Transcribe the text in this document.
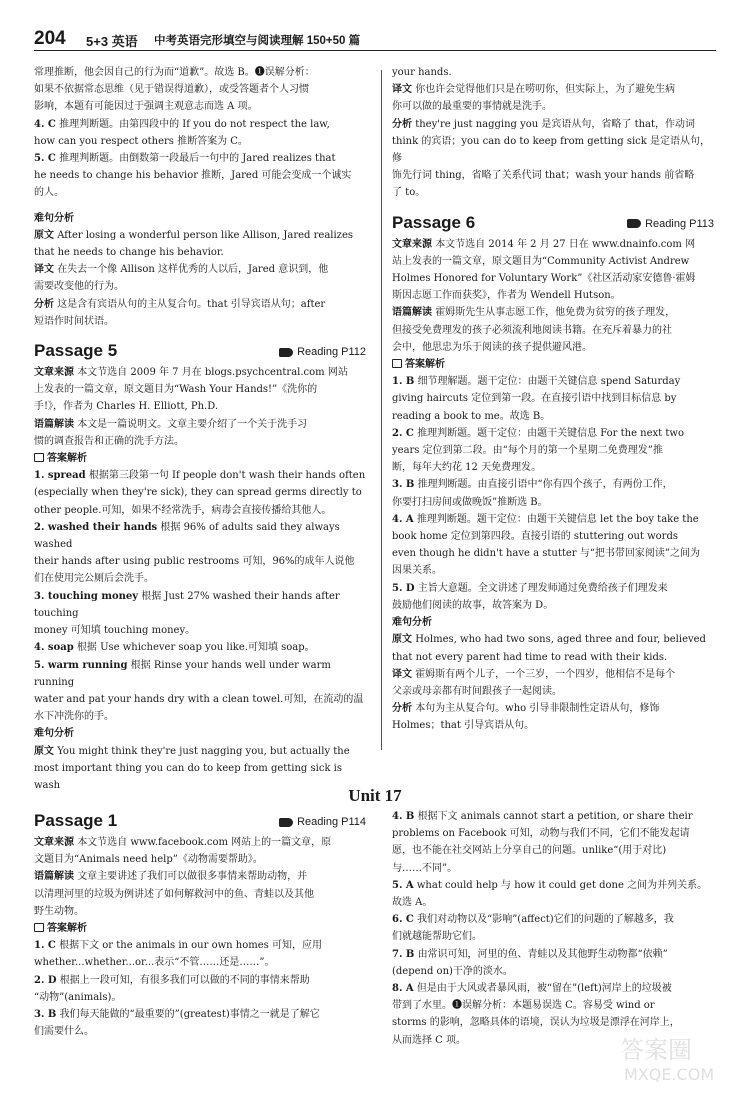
204 5+3 英语 中考英语完形填空与阅读理解 150+50 篇

常理推断，他会因自己的行为而“道歉”。故选 B。❶误解分析：

如果不依据常态思维（见于错误得道歉），或受答题者个人习惯

影响，本题有可能因过于强调主观意志而选 A 项。

4. C 推理判断题。由第四段中的 If you do not respect the law,

how can you respect others 推断答案为 C。

5. C 推理判断题。由倒数第一段最后一句中的 Jared realizes that

he needs to change his behavior 推断，Jared 可能会变成一个诚实

的人。

难句分析

原文 After losing a wonderful person like Allison, Jared realizes

that he needs to change his behavior.

译文 在失去一个像 Allison 这样优秀的人以后，Jared 意识到，他

需要改变他的行为。

分析 这是含有宾语从句的主从复合句。that 引导宾语从句；after

短语作时间状语。

Passage 5	Reading P112

文章来源 本文节选自 2009 年 7 月在 blogs.psychcentral.com 网站

上发表的一篇文章，原文题目为“Wash Your Hands!”《洗你的

手!》，作者为 Charles H. Elliott, Ph.D.

语篇解读 本文是一篇说明文。文章主要介绍了一个关于洗手习

惯的调查报告和正确的洗手方法。

答案解析

1. spread 根据第三段第一句 If people don't wash their hands often

(especially when they're sick), they can spread germs directly to

other people.可知，如果不经常洗手，病毒会直接传播给其他人。

2. washed their hands 根据 96% of adults said they always washed

their hands after using public restrooms 可知，96%的成年人说他

们在使用完公厕后会洗手。

3. touching money 根据 Just 27% washed their hands after touching

money 可知填 touching money。

4. soap 根据 Use whichever soap you like.可知填 soap。

5. warm running 根据 Rinse your hands well under warm running

water and pat your hands dry with a clean towel.可知，在流动的温

水下冲洗你的手。

难句分析

原文 You might think they're just nagging you, but actually the

most important thing you can do to keep from getting sick is wash

your hands.

译文 你也许会觉得他们只是在唠叨你，但实际上，为了避免生病

你可以做的最重要的事情就是洗手。

分析 they're just nagging you 是宾语从句，省略了 that，作动词

think 的宾语；you can do to keep from getting sick 是定语从句，修

饰先行词 thing，省略了关系代词 that；wash your hands 前省略

了 to。

Passage 6	Reading P113

文章来源 本文节选自 2014 年 2 月 27 日在 www.dnainfo.com 网

站上发表的一篇文章，原文题目为“Community Activist Andrew

Holmes Honored for Voluntary Work”《社区活动家安德鲁·霍姆

斯因志愿工作而获奖》，作者为 Wendell Hutson。

语篇解读 霍姆斯先生从事志愿工作，他免费为贫穷的孩子理发，

但接受免费理发的孩子必须流利地阅读书籍。在充斥着暴力的社

会中，他思忠为乐于阅读的孩子提供避风港。

答案解析

1. B 细节理解题。题干定位：由题干关键信息 spend Saturday

giving haircuts 定位到第一段。在直接引语中找到目标信息 by

reading a book to me。故选 B。

2. C 推理判断题。题干定位：由题干关键信息 For the next two

years 定位到第二段。由“每个月的第一个星期二免费理发”推

断，每年大约花 12 天免费理发。

3. B 推理判断题。由直接引语中“你有四个孩子，有两份工作，

你要打扫房间或做晚饭”推断选 B。

4. A 推理判断题。题干定位：由题干关键信息 let the boy take the

book home 定位到第四段。直接引语的 stuttering out words

even though he didn't have a stutter 与“把书带回家阅读”之间为

因果关系。

5. D 主旨大意题。全文讲述了理发师通过免费给孩子们理发来

鼓励他们阅读的故事，故答案为 D。

难句分析

原文 Holmes, who had two sons, aged three and four, believed

that not every parent had time to read with their kids.

译文 霍姆斯有两个儿子，一个三岁，一个四岁，他相信不是每个

父亲或母亲都有时间跟孩子一起阅读。

分析 本句为主从复合句。who 引导非限制性定语从句，修饰

Holmes；that 引导宾语从句。

Unit 17
Passage 1	Reading P114

文章来源 本文节选自 www.facebook.com 网站上的一篇文章，原

文题目为“Animals need help”《动物需要帮助》。

语篇解读 文章主要讲述了我们可以做很多事情来帮助动物，并

以清理河里的垃圾为例讲述了如何解救河中的鱼、青蛙以及其他

野生动物。

答案解析

1. C 根据下文 or the animals in our own homes 可知，应用

whether...whether...or...表示“不管……还是……”。

2. D 根据上一段可知，有很多我们可以做的不同的事情来帮助

“动物”(animals)。

3. B 我们每天能做的“最重要的”(greatest)事情之一就是了解它

们需要什么。

4. B 根据下文 animals cannot start a petition, or share their

problems on Facebook 可知，动物与我们不同，它们不能发起请

愿，也不能在社交网站上分享自己的问题。unlike“(用于对比)

与……不同”。

5. A what could help 与 how it could get done 之间为并列关系。

故选 A。

6. C 我们对动物以及“影响”(affect)它们的问题的了解越多，我

们就越能帮助它们。

7. B 由常识可知，河里的鱼、青蛙以及其他野生动物都“依赖”

(depend on)干净的淡水。

8. A 但是由于大风或者暴风雨，被“留在”(left)河岸上的垃圾被

带到了水里。❶误解分析：本题易误选 C。容易受 wind or

storms 的影响，忽略具体的语境，误认为垃圾是漂浮在河岸上，

从而选择 C 项。	答案圈
MXQE.COM
